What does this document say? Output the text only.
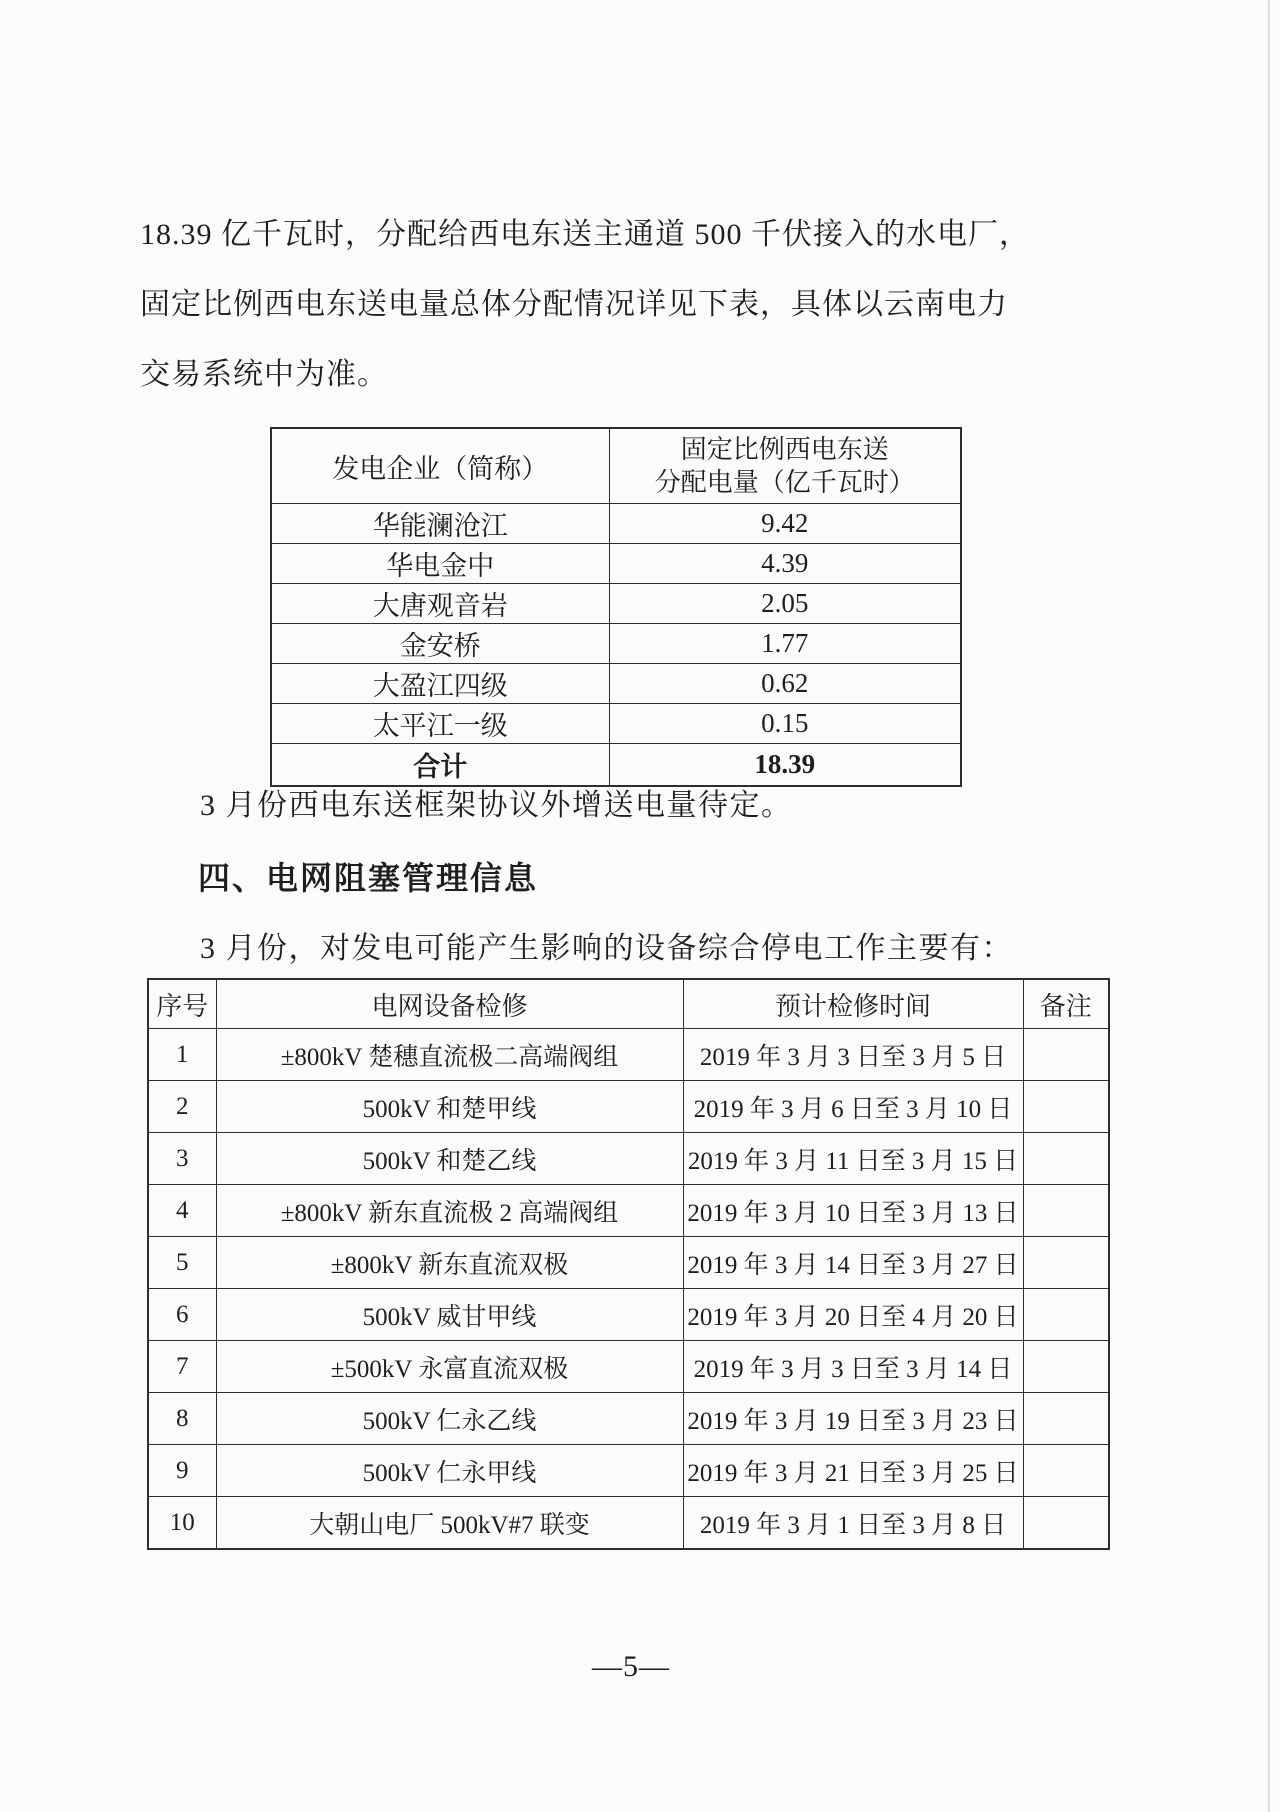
18.39 亿千瓦时，分配给西电东送主通道 500 千伏接入的水电厂，
固定比例西电东送电量总体分配情况详见下表，具体以云南电力
交易系统中为准。
发电企业（简称）	固定比例西电东送
分配电量（亿千瓦时）

华能澜沧江	9.42
华电金中	4.39
大唐观音岩	2.05
金安桥	1.77
大盈江四级	0.62
太平江一级	0.15
合计	18.39
3 月份西电东送框架协议外增送电量待定。
四、电网阻塞管理信息
3 月份，对发电可能产生影响的设备综合停电工作主要有：
序号	电网设备检修	预计检修时间	备注
1	±800kV 楚穗直流极二高端阀组	2019 年 3 月 3 日至 3 月 5 日	
2	500kV 和楚甲线	2019 年 3 月 6 日至 3 月 10 日	
3	500kV 和楚乙线	2019 年 3 月 11 日至 3 月 15 日	
4	±800kV 新东直流极 2 高端阀组	2019 年 3 月 10 日至 3 月 13 日	
5	±800kV 新东直流双极	2019 年 3 月 14 日至 3 月 27 日	
6	500kV 威甘甲线	2019 年 3 月 20 日至 4 月 20 日	
7	±500kV 永富直流双极	2019 年 3 月 3 日至 3 月 14 日	
8	500kV 仁永乙线	2019 年 3 月 19 日至 3 月 23 日	
9	500kV 仁永甲线	2019 年 3 月 21 日至 3 月 25 日	
10	大朝山电厂 500kV#7 联变	2019 年 3 月 1 日至 3 月 8 日	
—5—
